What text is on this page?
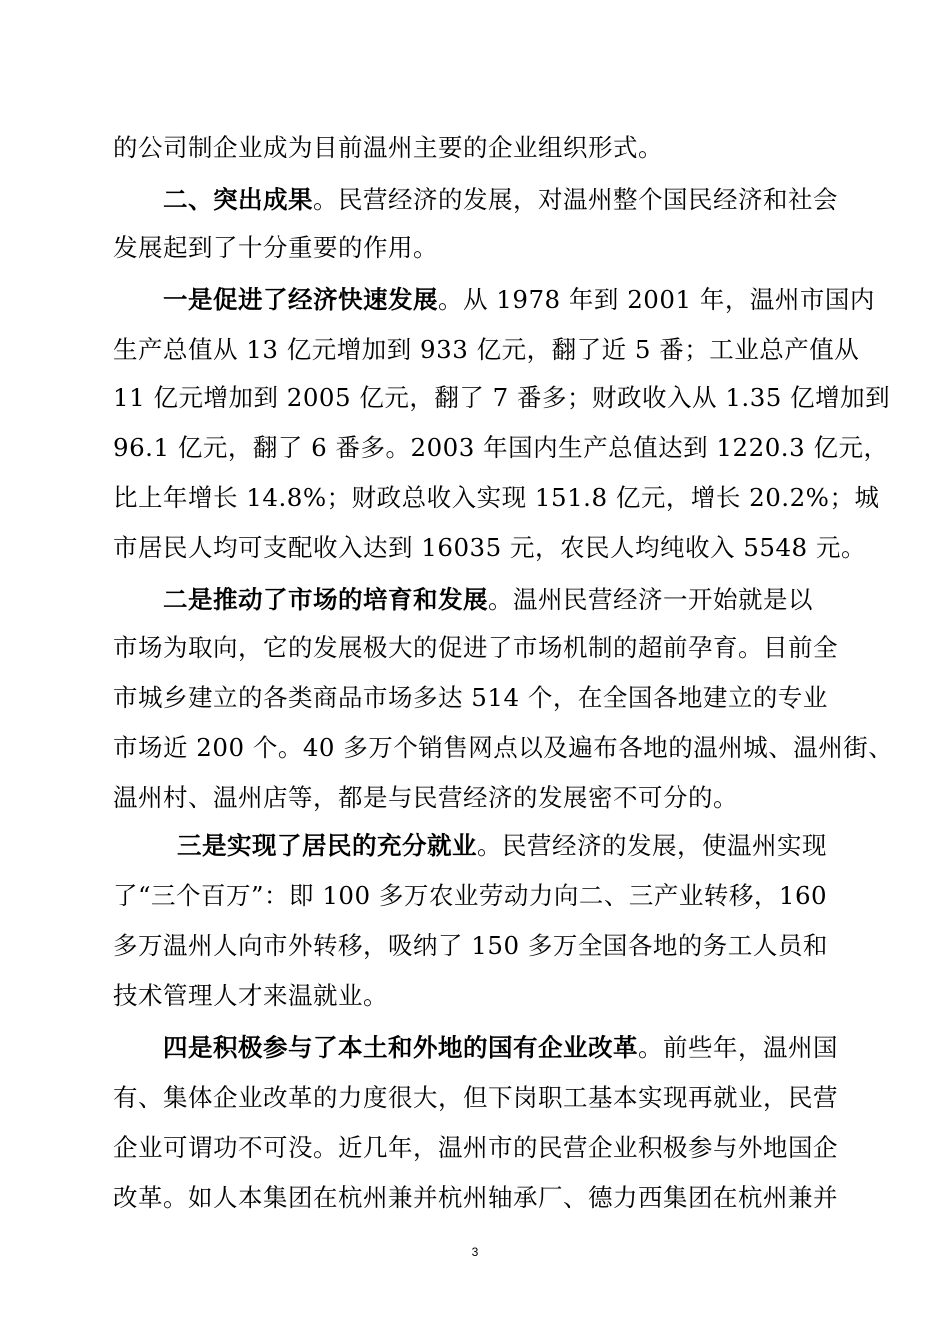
的公司制企业成为目前温州主要的企业组织形式。
二、突出成果。民营经济的发展，对温州整个国民经济和社会
发展起到了十分重要的作用。
一是促进了经济快速发展。从 1978 年到 2001 年，温州市国内
生产总值从 13 亿元增加到 933 亿元，翻了近 5 番；工业总产值从
11 亿元增加到 2005 亿元，翻了 7 番多；财政收入从 1.35 亿增加到
96.1 亿元，翻了 6 番多。2003 年国内生产总值达到 1220.3 亿元，
比上年增长 14.8%；财政总收入实现 151.8 亿元，增长 20.2%；城
市居民人均可支配收入达到 16035 元，农民人均纯收入 5548 元。
二是推动了市场的培育和发展。温州民营经济一开始就是以
市场为取向，它的发展极大的促进了市场机制的超前孕育。目前全
市城乡建立的各类商品市场多达 514 个，在全国各地建立的专业
市场近 200 个。40 多万个销售网点以及遍布各地的温州城、温州街、
温州村、温州店等，都是与民营经济的发展密不可分的。
三是实现了居民的充分就业。民营经济的发展，使温州实现
了“三个百万”：即 100 多万农业劳动力向二、三产业转移，160
多万温州人向市外转移，吸纳了 150 多万全国各地的务工人员和
技术管理人才来温就业。
四是积极参与了本土和外地的国有企业改革。前些年，温州国
有、集体企业改革的力度很大，但下岗职工基本实现再就业，民营
企业可谓功不可没。近几年，温州市的民营企业积极参与外地国企
改革。如人本集团在杭州兼并杭州轴承厂、德力西集团在杭州兼并
3
